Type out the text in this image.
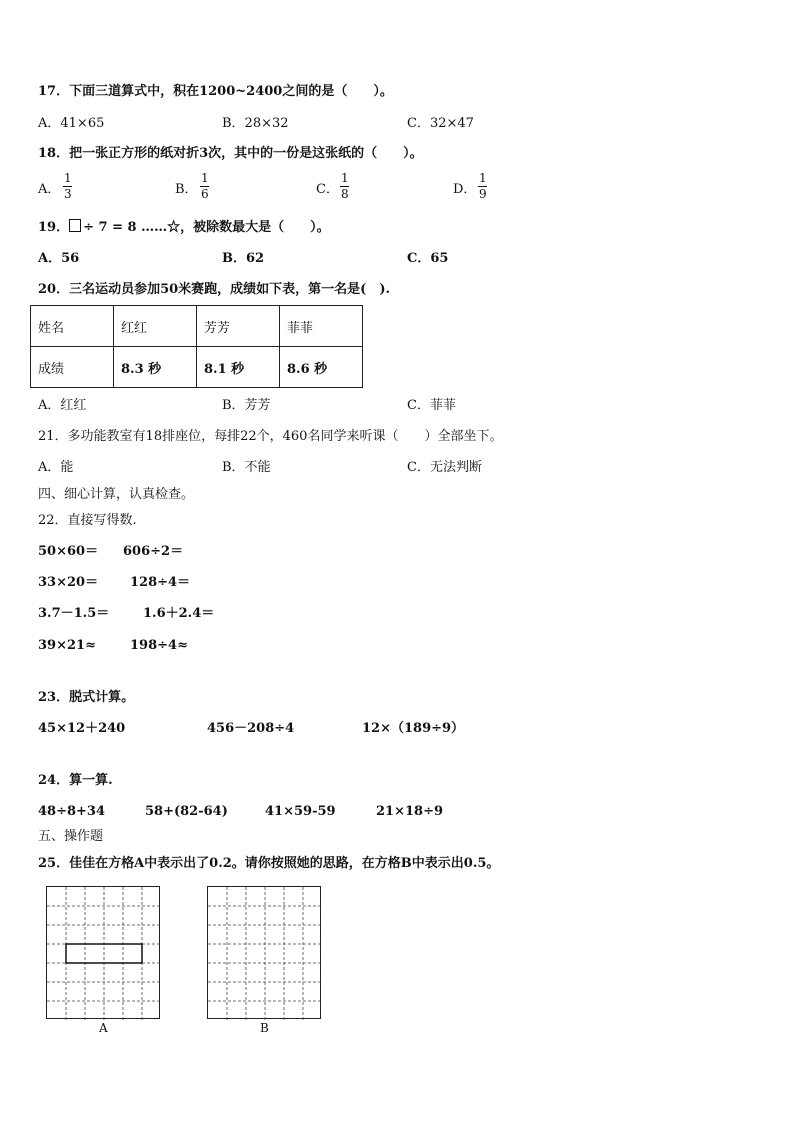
17．下面三道算式中，积在1200~2400之间的是（　　）。
A．41×65	B．28×32	C．32×47
18．把一张正方形的纸对折3次，其中的一份是这张纸的（　　）。
A．
1
3	B．
1
6	C．
1
8	D．
1
9
19． ÷ 7 = 8 ……☆，被除数最大是（　　）。
A．56	B．62	C．65
20．三名运动员参加50米赛跑，成绩如下表，第一名是(　).
姓名	红红	芳芳	菲菲
成绩	8.3 秒	8.1 秒	8.6 秒
A．红红	B．芳芳	C．菲菲
21．多功能教室有18排座位，每排22个，460名同学来听课（　　）全部坐下。
A．能	B．不能	C．无法判断
四、细心计算，认真检查。
22．直接写得数.
50×60＝ 606÷2＝
33×20＝ 128÷4＝
3.7－1.5＝	1.6＋2.4＝
39×21≈	198÷4≈
23．脱式计算。
45×12＋240	456－208÷4	12×（189÷9）
24．算一算.
48÷8+34	58+(82-64)	41×59-59	21×18÷9
五、操作题
25．佳佳在方格A中表示出了0.2。请你按照她的思路，在方格B中表示出0.5。
A	B
